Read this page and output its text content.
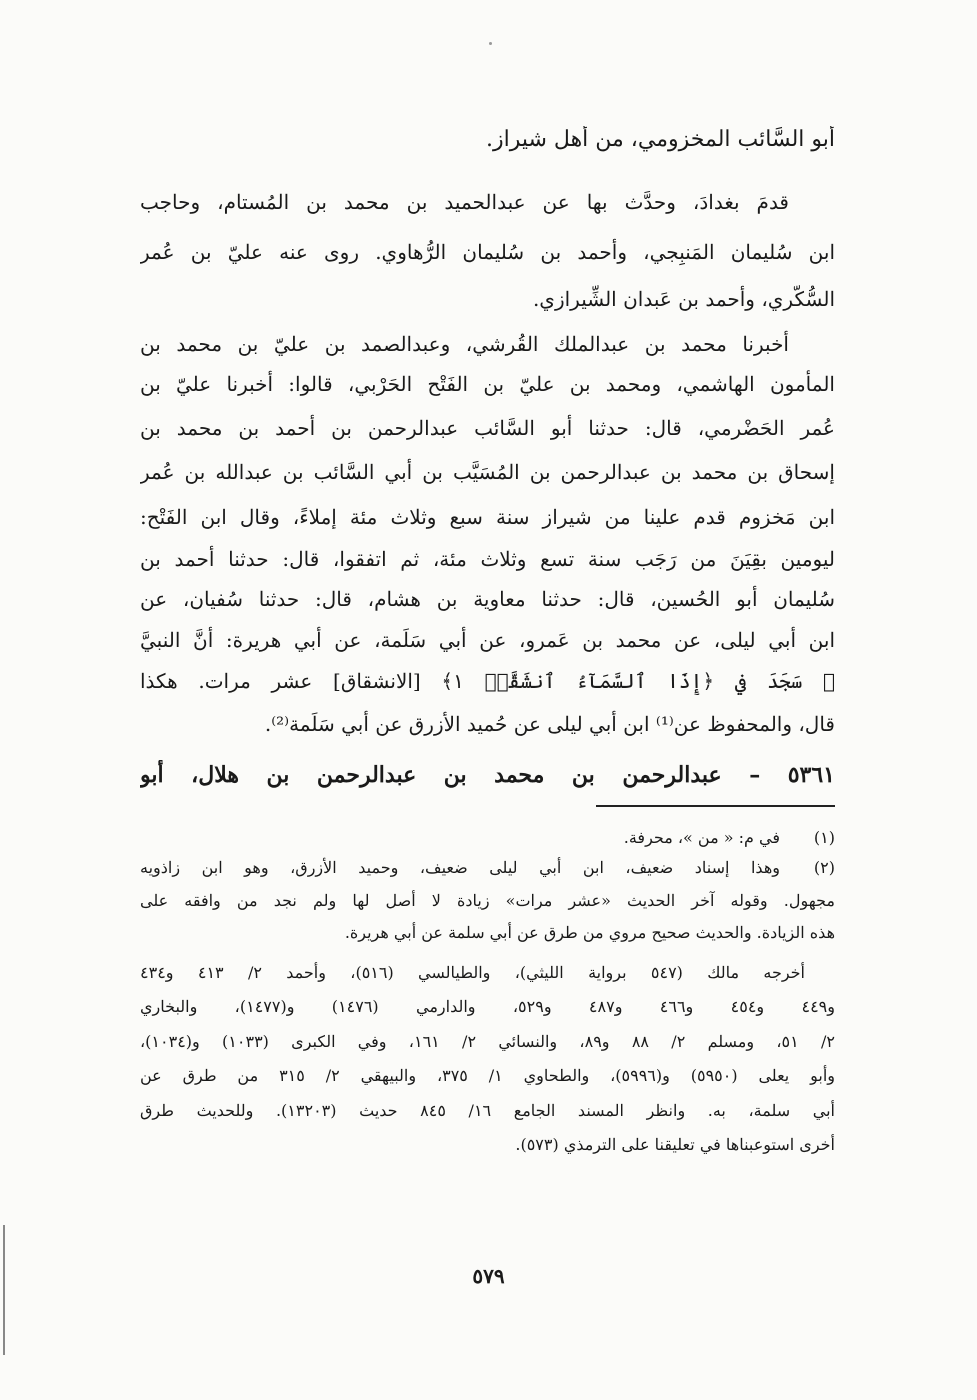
أبو السَّائب المخزومي، من أهل شيراز.
قدمَ بغدادَ، وحدَّث بها عن عبدالحميد بن محمد بن المُستام، وحاجب
ابن سُليمان المَنبِجي، وأحمد بن سُليمان الرُّهاوي. روى عنه عليّ بن عُمر
السُّكَّري، وأحمد بن عَبدان الشِّيرازي.
أخبرنا محمد بن عبدالملك القُرشي، وعبدالصمد بن عليّ بن محمد بن
المأمون الهاشمي، ومحمد بن عليّ بن الفَتْح الحَرْبي، قالوا: أخبرنا عليّ بن
عُمر الحَضْرمي، قال: حدثنا أبو السَّائب عبدالرحمن بن أحمد بن محمد بن
إسحاق بن محمد بن عبدالرحمن بن المُسَيَّب بن أبي السَّائب بن عبدالله بن عُمر
ابن مَخزوم قدم علينا من شيراز سنة سبع وثلاث مئة إملاءً، وقال ابن الفَتْح:
ليومين بقِيَنَ من رَجَب سنة تسع وثلاث مئة، ثم اتفقوا، قال: حدثنا أحمد بن
سُليمان أبو الحُسين، قال: حدثنا معاوية بن هشام، قال: حدثنا سُفيان، عن
ابن أبي ليلى، عن محمد بن عَمرو، عن أبي سَلَمة، عن أبي هريرة: أنَّ النبيَّ
ﷺ سَجَدَ في ﴿إِذَا ٱلسَّمَآءُ ٱنشَقَّتۡ ١﴾ [الانشقاق] عشر مرات. هكذا
قال، والمحفوظ عن⁽¹⁾ ابن أبي ليلى عن حُميد الأزرق عن أبي سَلَمة⁽²⁾.
٥٣٦١ – عبدالرحمن بن محمد بن عبدالرحمن بن هلال، أبو
(١)
في م: « من »، محرفة.
(٢)
وهذا إسناد ضعيف، ابن أبي ليلى ضعيف، وحميد الأزرق، وهو ابن زاذويه
مجهول. وقوله آخر الحديث «عشر مرات» زيادة لا أصل لها ولم نجد من وافقه على
هذه الزيادة. والحديث صحيح مروي من طرق عن أبي سلمة عن أبي هريرة.
أخرجه مالك (٥٤٧ برواية الليثي)، والطيالسي (٥١٦)، وأحمد ٢/ ٤١٣ و٤٣٤
و٤٤٩ و٤٥٤ و٤٦٦ و٤٨٧ و٥٢٩، والدارمي (١٤٧٦) و(١٤٧٧)، والبخاري
٢/ ٥١، ومسلم ٢/ ٨٨ و٨٩، والنسائي ٢/ ١٦١، وفي الكبرى (١٠٣٣) و(١٠٣٤)،
وأبو يعلى (٥٩٥٠) و(٥٩٩٦)، والطحاوي ١/ ٣٧٥، والبيهقي ٢/ ٣١٥ من طرق عن
أبي سلمة، به. وانظر المسند الجامع ١٦/ ٨٤٥ حديث (١٣٢٠٣). وللحديث طرق
أخرى استوعبناها في تعليقنا على الترمذي (٥٧٣).
٥٧٩
